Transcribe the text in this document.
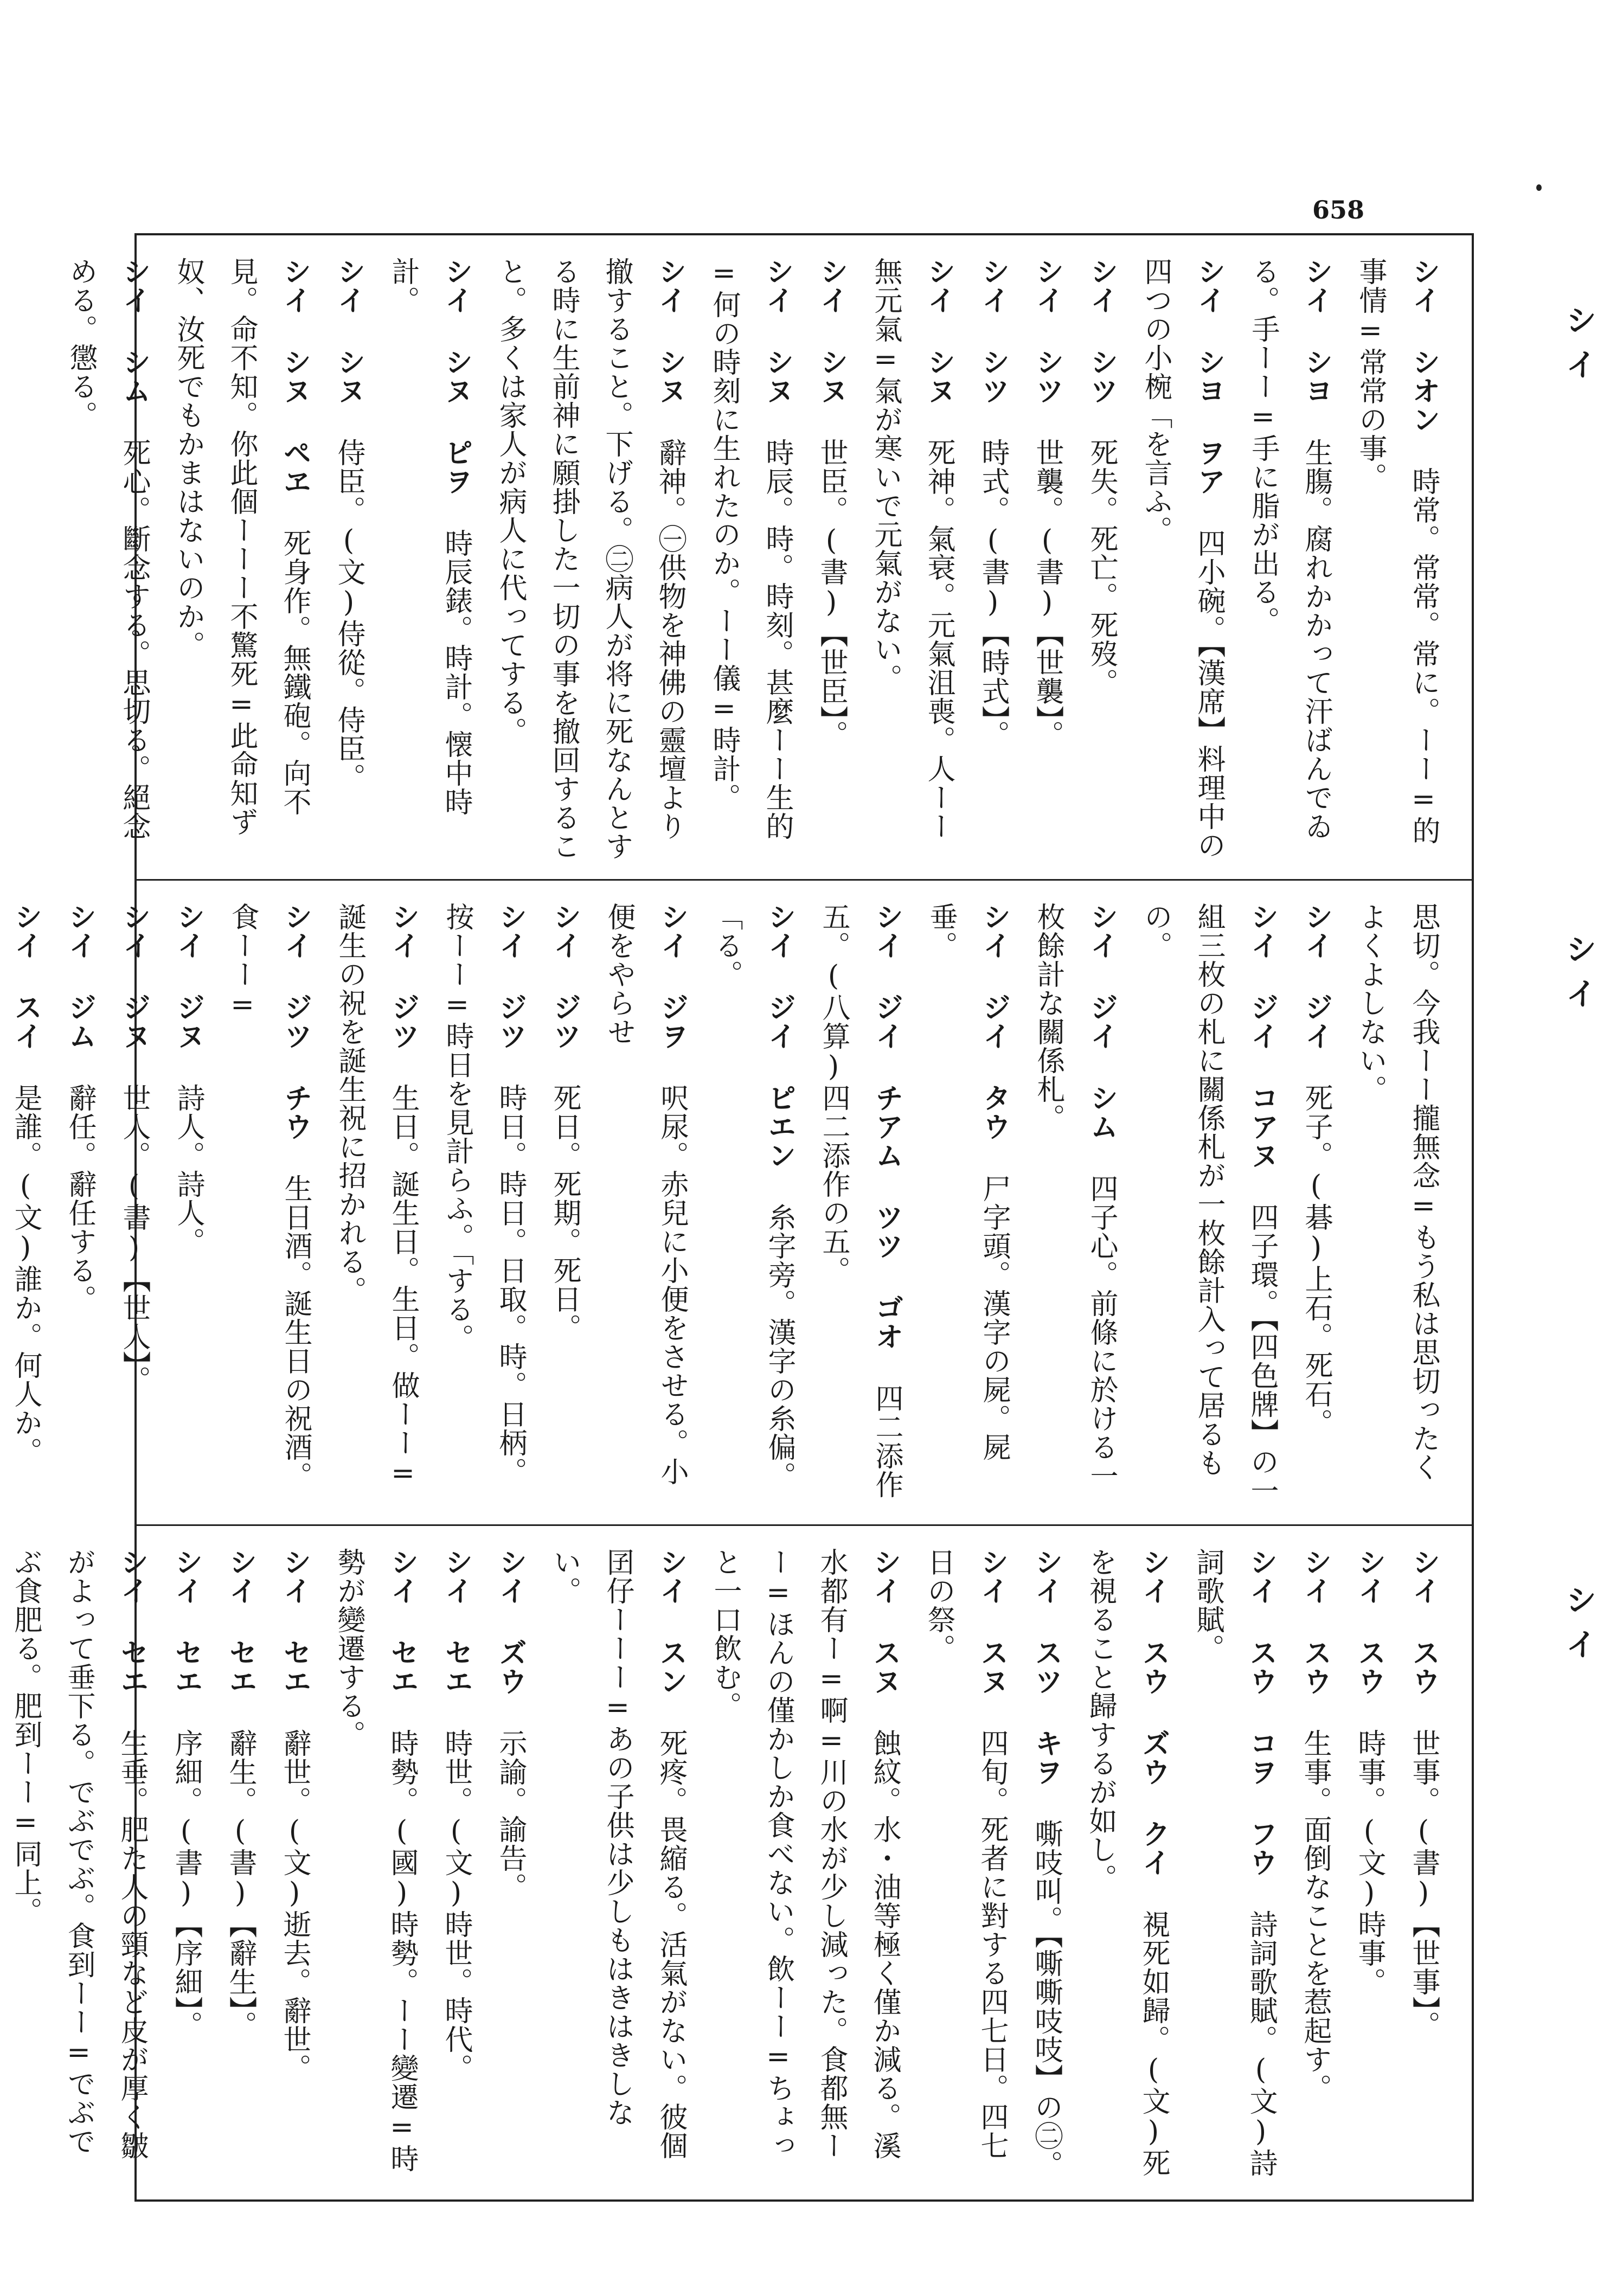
658
シイ シオン 時常。常常。常に。ーー=的事情=常常の事。
シイ シヨ 生膓。腐れかかって汗ばんでゐる。手ーー=手に脂が出る。
シイ シヨ ヲア 四小碗。【漢席】料理中の四つの小椀「を言ふ。
シイ シツ 死失。死亡。死歿。
シイ シツ 世襲。(書)【世襲】。
シイ シツ 時式。(書)【時式】。
シイ シヌ 死神。氣衰。元氣沮喪。人ーー無元氣=氣が寒いで元氣がない。
シイ シヌ 世臣。(書)【世臣】。
シイ シヌ 時辰。時。時刻。甚麼ーー生的=何の時刻に生れたのか。ーー儀=時計。
シイ シヌ 辭神。㊀供物を神佛の靈壇より撤すること。下げる。㊁病人が将に死なんとする時に生前神に願掛した一切の事を撤回すること。多くは家人が病人に代ってする。
シイ シヌ ピヲ 時辰錶。時計。懐中時計。
シイ シヌ 侍臣。(文)侍從。侍臣。
シイ シヌ ペヱ 死身作。無鐵砲。向不見。命不知。你此個ーーー不驚死=此命知ず奴、汝死でもかまはないのか。
シイ シム 死心。斷念する。思切る。絕念める。懲る。
思切。今我ーー攏無念=もう私は思切ったくよくよしない。
シイ ジイ 死子。(碁)上石。死石。
シイ ジイ コアヌ 四子環。【四色牌】の一組三枚の札に關係札が一枚餘計入って居るもの。
シイ ジイ シム 四子心。前條に於ける一枚餘計な關係札。
シイ ジイ タウ 尸字頭。漢字の屍。屍垂。
シイ ジイ チアム ツツ ゴオ 四二添作五。(八算)四二添作の五。
シイ ジイ ピエン 糸字旁。漢字の糸偏。「る。
シイ ジヲ 呎尿。赤兒に小便をさせる。小便をやらせ
シイ ジツ 死日。死期。死日。
シイ ジツ 時日。時日。日取。時。日柄。按ーー=時日を見計らふ。「する。
シイ ジツ 生日。誕生日。生日。做ーー=誕生の祝を誕生祝に招かれる。
シイ ジツ チウ 生日酒。誕生日の祝酒。食ーー=
シイ ジヌ 詩人。詩人。
シイ ジヌ 世人。(書)【世人】。
シイ ジム 辭任。辭任する。
シイ スイ 是誰。(文)誰か。何人か。
シイ スウ 世事。(書)【世事】。
シイ スウ 時事。(文)時事。
シイ スウ 生事。面倒なことを惹起す。
シイ スウ コヲ フウ 詩詞歌賦。(文)詩詞歌賦。
シイ スウ ズウ クイ 視死如歸。(文)死を視ること歸するが如し。
シイ スツ キヲ 嘶吱叫。【嘶嘶吱吱】の㊁。
シイ スヌ 四旬。死者に對する四七日。四七日の祭。
シイ スヌ 蝕紋。水・油等極く僅か減る。溪水都有ー=啊=川の水が少し減った。食都無ーー=ほんの僅かしか食べない。飲ーー=ちょっと一口飲む。
シイ スン 死疼。畏縮る。活氣がない。彼個囝仔ーーー=あの子供は少しもはきはきしない。
シイ ズウ 示諭。諭告。
シイ セエ 時世。(文)時世。時代。
シイ セエ 時勢。(國)時勢。ーー變遷=時勢が變遷する。
シイ セエ 辭世。(文)逝去。辭世。
シイ セエ 辭生。(書)【辭生】。
シイ セエ 序細。(書)【序細】。
シイ セエ 生垂。肥た人の頸など皮が厚く皺がよって垂下る。でぶでぶ。食到ーー=でぶでぶ食肥る。肥到ーー=同上。
シイ
シイ
シイ
